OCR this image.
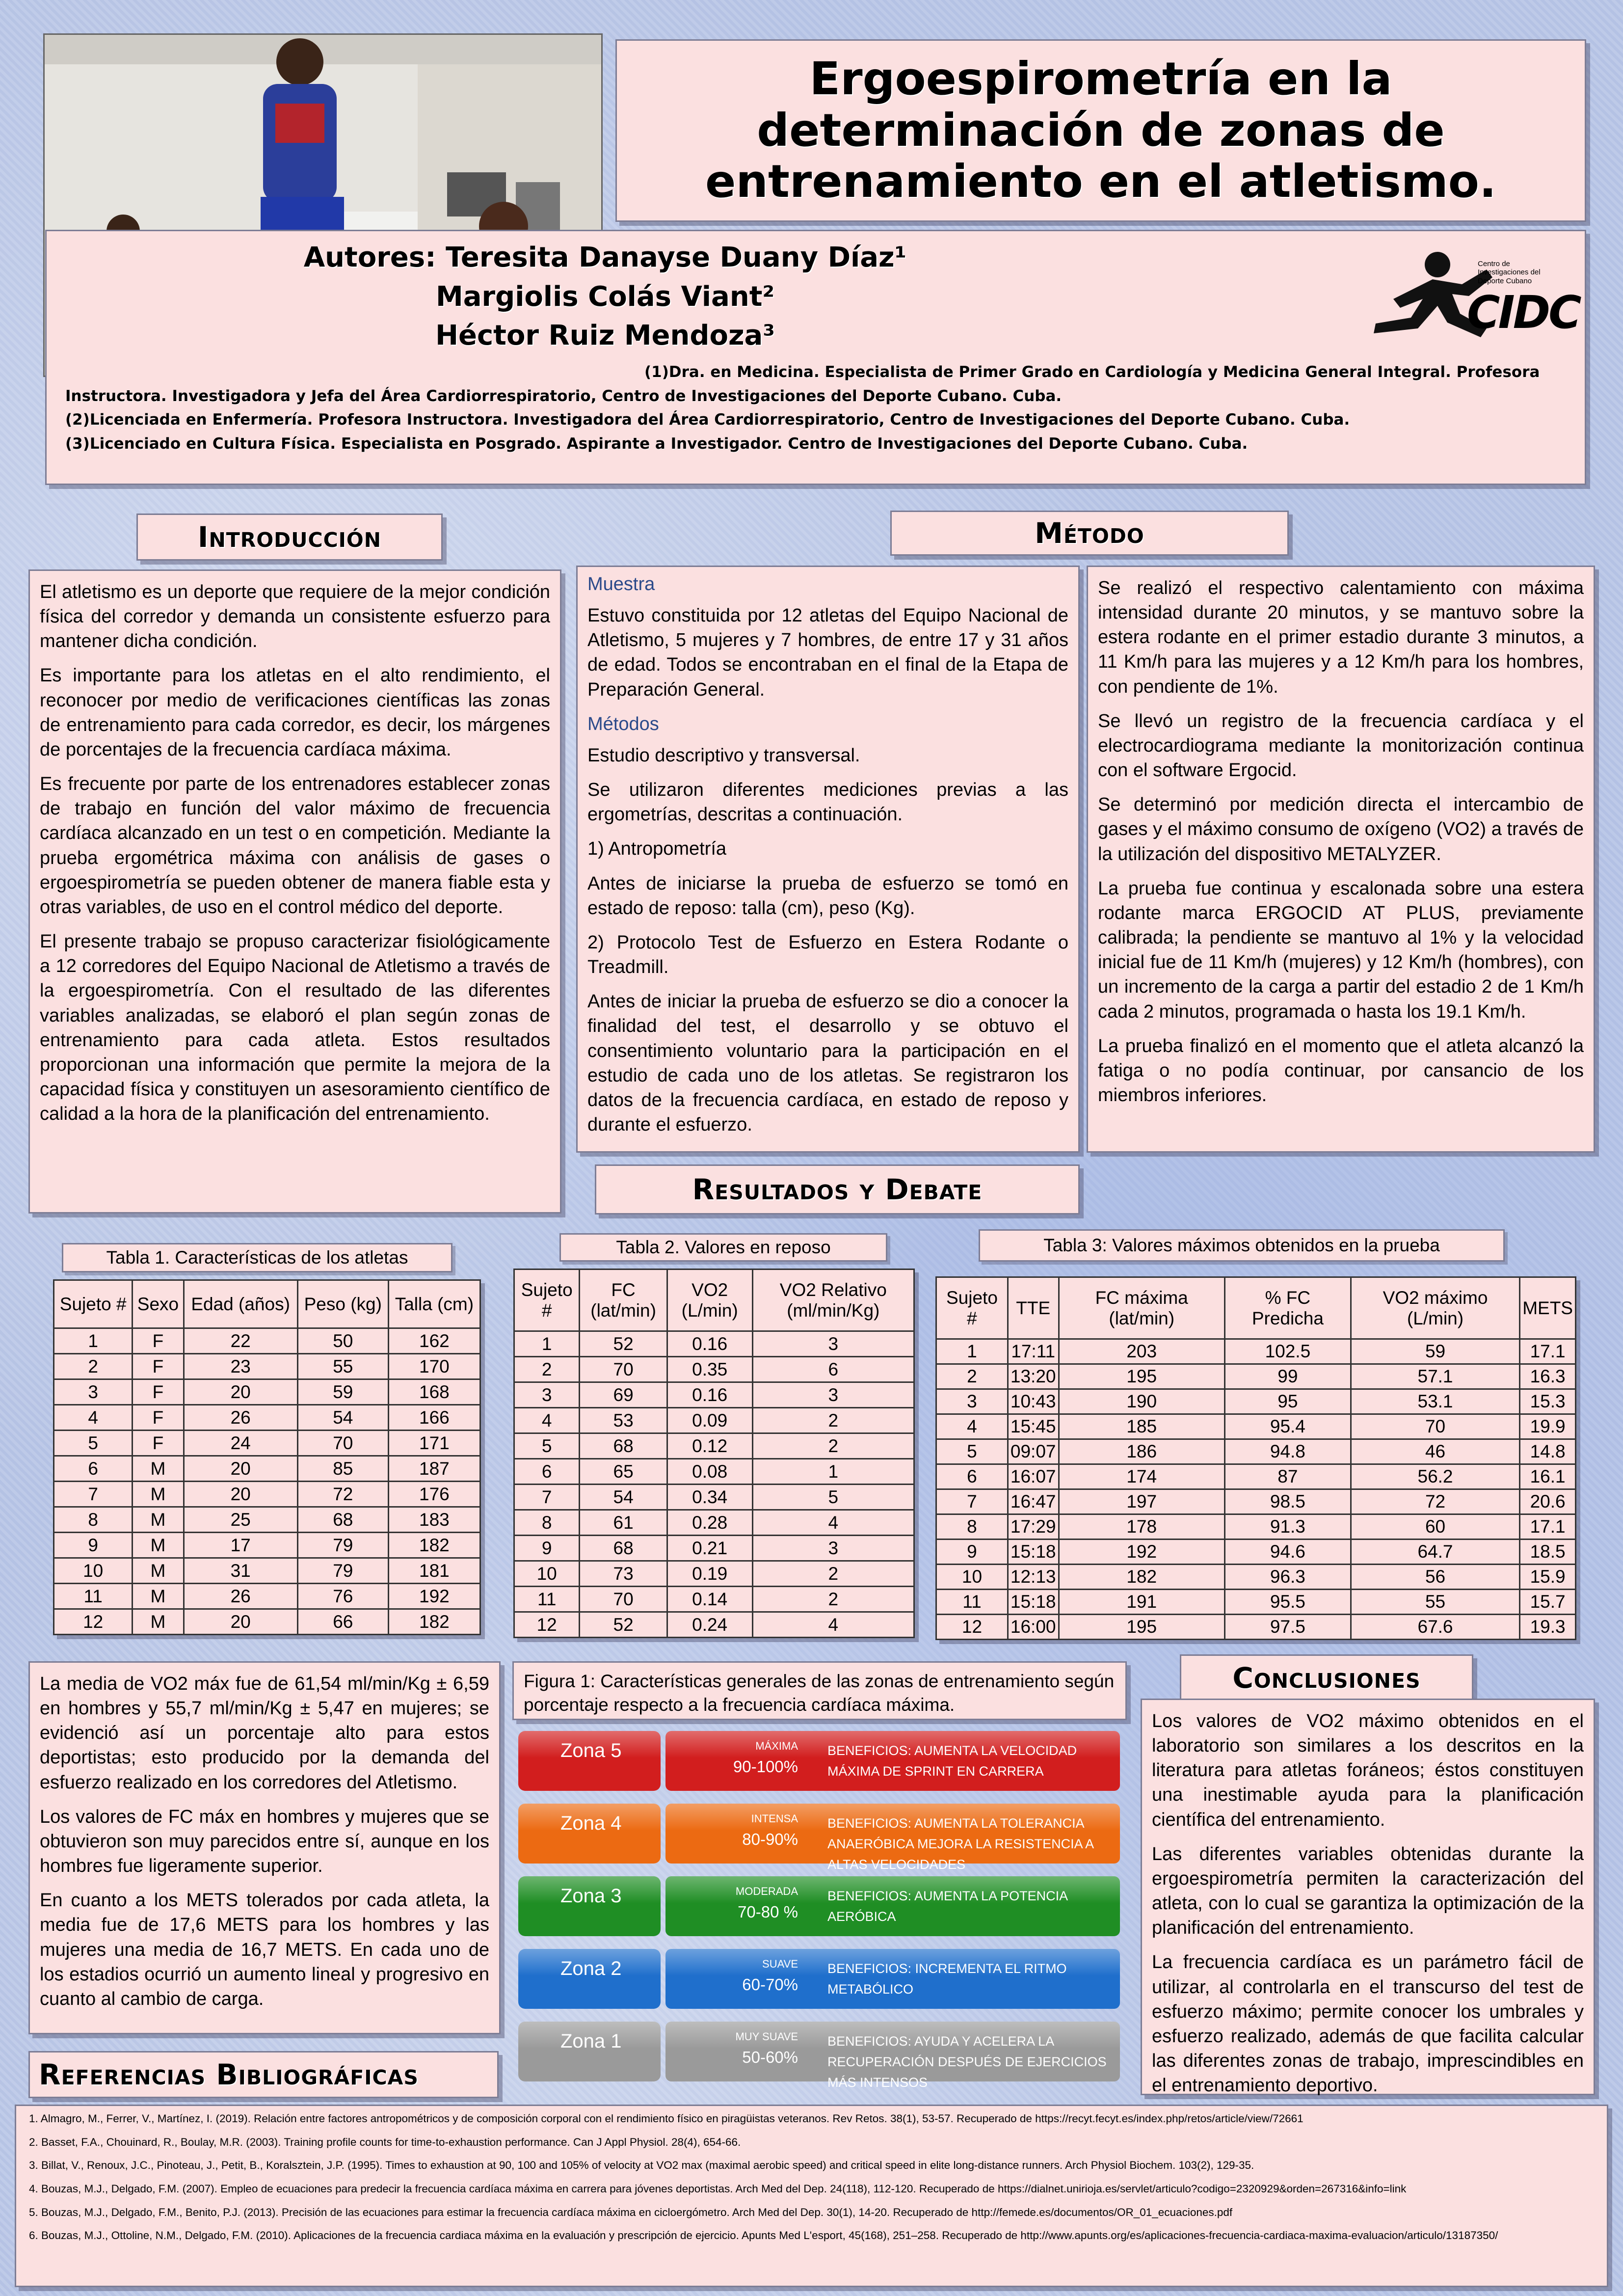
Ergoespirometría en la determinación de zonas de entrenamiento en el atletismo.
Autores: Teresita Danayse Duany Díaz¹
Margiolis Colás Viant²
Héctor Ruiz Mendoza³
(1)Dra. en Medicina. Especialista de Primer Grado en Cardiología y Medicina General Integral. Profesora Instructora. Investigadora y Jefa del Área Cardiorrespiratorio, Centro de Investigaciones del Deporte Cubano. Cuba.
(2)Licenciada en Enfermería. Profesora Instructora. Investigadora del Área Cardiorrespiratorio, Centro de Investigaciones del Deporte Cubano. Cuba.
(3)Licenciado en Cultura Física. Especialista en Posgrado. Aspirante a Investigador. Centro de Investigaciones del Deporte Cubano. Cuba.
CIDC
Centro de Investigaciones del Deporte Cubano
Introducción

El atletismo es un deporte que requiere de la mejor condición física del corredor y demanda un consistente esfuerzo para mantener dicha condición.

Es importante para los atletas en el alto rendimiento, el reconocer por medio de verificaciones científicas las zonas de entrenamiento para cada corredor, es decir, los márgenes de porcentajes de la frecuencia cardíaca máxima.

Es frecuente por parte de los entrenadores establecer zonas de trabajo en función del valor máximo de frecuencia cardíaca alcanzado en un test o en competición. Mediante la prueba ergométrica máxima con análisis de gases o ergoespirometría se pueden obtener de manera fiable esta y otras variables, de uso en el control médico del deporte.

El presente trabajo se propuso caracterizar fisiológicamente a 12 corredores del Equipo Nacional de Atletismo a través de la ergoespirometría. Con el resultado de las diferentes variables analizadas, se elaboró el plan según zonas de entrenamiento para cada atleta. Estos resultados proporcionan una información que permite la mejora de la capacidad física y constituyen un asesoramiento científico de calidad a la hora de la planificación del entrenamiento.

Método

Muestra

Estuvo constituida por 12 atletas del Equipo Nacional de Atletismo, 5 mujeres y 7 hombres, de entre 17 y 31 años de edad. Todos se encontraban en el final de la Etapa de Preparación General.

Métodos

Estudio descriptivo y transversal.

Se utilizaron diferentes mediciones previas a las ergometrías, descritas a continuación.

1) Antropometría

Antes de iniciarse la prueba de esfuerzo se tomó en estado de reposo: talla (cm), peso (Kg).

2) Protocolo Test de Esfuerzo en Estera Rodante o Treadmill.

Antes de iniciar la prueba de esfuerzo se dio a conocer la finalidad del test, el desarrollo y se obtuvo el consentimiento voluntario para la participación en el estudio de cada uno de los atletas. Se registraron los datos de la frecuencia cardíaca, en estado de reposo y durante el esfuerzo.

Se realizó el respectivo calentamiento con máxima intensidad durante 20 minutos, y se mantuvo sobre la estera rodante en el primer estadio durante 3 minutos, a 11 Km/h para las mujeres y a 12 Km/h para los hombres, con pendiente de 1%.

Se llevó un registro de la frecuencia cardíaca y el electrocardiograma mediante la monitorización continua con el software Ergocid.

Se determinó por medición directa el intercambio de gases y el máximo consumo de oxígeno (VO2) a través de la utilización del dispositivo METALYZER.

La prueba fue continua y escalonada sobre una estera rodante marca ERGOCID AT PLUS, previamente calibrada; la pendiente se mantuvo al 1% y la velocidad inicial fue de 11 Km/h (mujeres) y 12 Km/h (hombres), con un incremento de la carga a partir del estadio 2 de 1 Km/h cada 2 minutos, programada o hasta los 19.1 Km/h.

La prueba finalizó en el momento que el atleta alcanzó la fatiga o no podía continuar, por cansancio de los miembros inferiores.

Resultados y Debate
Tabla 1. Características de los atletas
Sujeto #	Sexo	Edad (años)	Peso (kg)	Talla (cm)
1	F	22	50	162
2	F	23	55	170
3	F	20	59	168
4	F	26	54	166
5	F	24	70	171
6	M	20	85	187
7	M	20	72	176
8	M	25	68	183
9	M	17	79	182
10	M	31	79	181
11	M	26	76	192
12	M	20	66	182
Tabla 2. Valores en reposo
Sujeto #	FC (lat/min)	VO2 (L/min)	VO2 Relativo (ml/min/Kg)
1	52	0.16	3
2	70	0.35	6
3	69	0.16	3
4	53	0.09	2
5	68	0.12	2
6	65	0.08	1
7	54	0.34	5
8	61	0.28	4
9	68	0.21	3
10	73	0.19	2
11	70	0.14	2
12	52	0.24	4
Tabla 3: Valores máximos obtenidos en la prueba
Sujeto #	TTE	FC máxima (lat/min)	% FC Predicha	VO2 máximo (L/min)	METS
1	17:11	203	102.5	59	17.1
2	13:20	195	99	57.1	16.3
3	10:43	190	95	53.1	15.3
4	15:45	185	95.4	70	19.9
5	09:07	186	94.8	46	14.8
6	16:07	174	87	56.2	16.1
7	16:47	197	98.5	72	20.6
8	17:29	178	91.3	60	17.1
9	15:18	192	94.6	64.7	18.5
10	12:13	182	96.3	56	15.9
11	15:18	191	95.5	55	15.7
12	16:00	195	97.5	67.6	19.3

La media de VO2 máx fue de 61,54 ml/min/Kg ± 6,59 en hombres y 55,7 ml/min/Kg ± 5,47 en mujeres; se evidenció así un porcentaje alto para estos deportistas; esto producido por la demanda del esfuerzo realizado en los corredores del Atletismo.

Los valores de FC máx en hombres y mujeres que se obtuvieron son muy parecidos entre sí, aunque en los hombres fue ligeramente superior.

En cuanto a los METS tolerados por cada atleta, la media fue de 17,6 METS para los hombres y las mujeres una media de 16,7 METS. En cada uno de los estadios ocurrió un aumento lineal y progresivo en cuanto al cambio de carga.

Referencias Bibliográficas
Figura 1: Características generales de las zonas de entrenamiento según porcentaje respecto a la frecuencia cardíaca máxima.
Zona 5	MÁXIMA
90-100%
BENEFICIOS: AUMENTA LA VELOCIDAD MÁXIMA DE SPRINT EN CARRERA
Zona 4	INTENSA
80-90%
BENEFICIOS: AUMENTA LA TOLERANCIA ANAERÓBICA MEJORA LA RESISTENCIA A ALTAS VELOCIDADES
Zona 3	MODERADA
70-80 %
BENEFICIOS: AUMENTA LA POTENCIA AERÓBICA
Zona 2	SUAVE
60-70%
BENEFICIOS: INCREMENTA EL RITMO METABÓLICO
Zona 1	MUY SUAVE
50-60%
BENEFICIOS: AYUDA Y ACELERA LA RECUPERACIÓN DESPUÉS DE EJERCICIOS MÁS INTENSOS
Conclusiones

Los valores de VO2 máximo obtenidos en el laboratorio son similares a los descritos en la literatura para atletas foráneos; éstos constituyen una inestimable ayuda para la planificación científica del entrenamiento.

Las diferentes variables obtenidas durante la ergoespirometría permiten la caracterización del atleta, con lo cual se garantiza la optimización de la planificación del entrenamiento.

La frecuencia cardíaca es un parámetro fácil de utilizar, al controlarla en el transcurso del test de esfuerzo máximo; permite conocer los umbrales y esfuerzo realizado, además de que facilita calcular las diferentes zonas de trabajo, imprescindibles en el entrenamiento deportivo.

1. Almagro, M., Ferrer, V., Martínez, I. (2019). Relación entre factores antropométricos y de composición corporal con el rendimiento físico en piragüistas veteranos. Rev Retos. 38(1), 53-57. Recuperado de https://recyt.fecyt.es/index.php/retos/article/view/72661

2. Basset, F.A., Chouinard, R., Boulay, M.R. (2003). Training profile counts for time-to-exhaustion performance. Can J Appl Physiol. 28(4), 654-66.

3. Billat, V., Renoux, J.C., Pinoteau, J., Petit, B., Koralsztein, J.P. (1995). Times to exhaustion at 90, 100 and 105% of velocity at VO2 max (maximal aerobic speed) and critical speed in elite long-distance runners. Arch Physiol Biochem. 103(2), 129-35.

4. Bouzas, M.J., Delgado, F.M. (2007). Empleo de ecuaciones para predecir la frecuencia cardíaca máxima en carrera para jóvenes deportistas. Arch Med del Dep. 24(118), 112-120. Recuperado de https://dialnet.unirioja.es/servlet/articulo?codigo=2320929&orden=267316&info=link

5. Bouzas, M.J., Delgado, F.M., Benito, P.J. (2013). Precisión de las ecuaciones para estimar la frecuencia cardíaca máxima en cicloergómetro. Arch Med del Dep. 30(1), 14-20. Recuperado de http://femede.es/documentos/OR_01_ecuaciones.pdf

6. Bouzas, M.J., Ottoline, N.M., Delgado, F.M. (2010). Aplicaciones de la frecuencia cardiaca máxima en la evaluación y prescripción de ejercicio. Apunts Med L'esport, 45(168), 251–258. Recuperado de http://www.apunts.org/es/aplicaciones-frecuencia-cardiaca-maxima-evaluacion/articulo/13187350/
